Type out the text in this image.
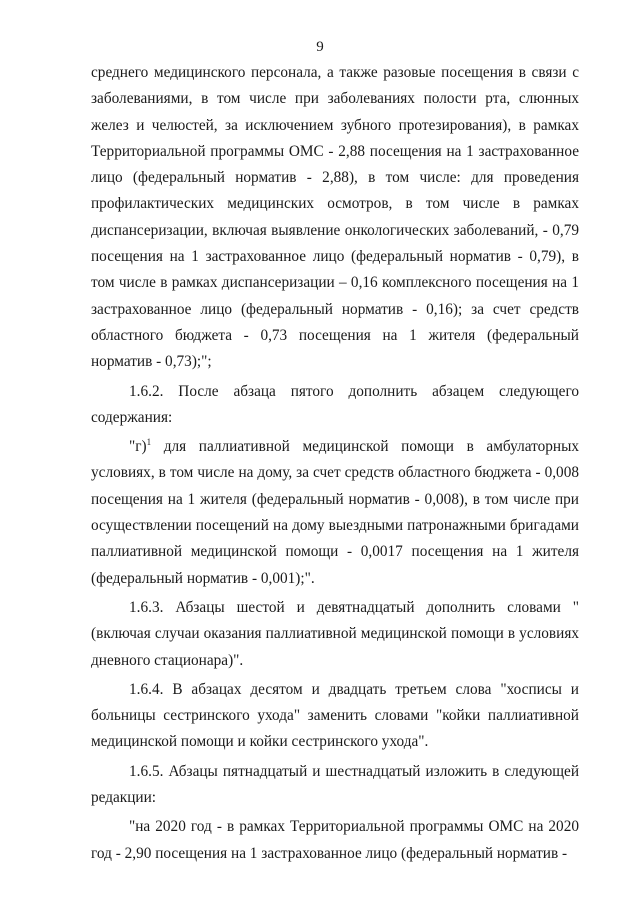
9

среднего медицинского персонала, а также разовые посещения в связи с заболеваниями, в том числе при заболеваниях полости рта, слюнных желез и челюстей, за исключением зубного протезирования), в рамках Территориальной программы ОМС - 2,88 посещения на 1 застрахованное лицо (федеральный норматив - 2,88), в том числе: для проведения профилактических медицинских осмотров, в том числе в рамках диспансеризации, включая выявление онкологических заболеваний, - 0,79 посещения на 1 застрахованное лицо (федеральный норматив - 0,79), в том числе в рамках диспансеризации – 0,16 комплексного посещения на 1 застрахованное лицо (федеральный норматив - 0,16); за счет средств областного бюджета - 0,73 посещения на 1 жителя (федеральный норматив - 0,73);";

1.6.2. После абзаца пятого дополнить абзацем следующего содержания:

"г)$^1$ для паллиативной медицинской помощи в амбулаторных условиях, в том числе на дому, за счет средств областного бюджета - 0,008 посещения на 1 жителя (федеральный норматив - 0,008), в том числе при осуществлении посещений на дому выездными патронажными бригадами паллиативной медицинской помощи - 0,0017 посещения на 1 жителя (федеральный норматив - 0,001);".

1.6.3. Абзацы шестой и девятнадцатый дополнить словами "(включая случаи оказания паллиативной медицинской помощи в условиях дневного стационара)".

1.6.4. В абзацах десятом и двадцать третьем слова "хосписы и больницы сестринского ухода" заменить словами "койки паллиативной медицинской помощи и койки сестринского ухода".

1.6.5. Абзацы пятнадцатый и шестнадцатый изложить в следующей редакции:

"на 2020 год - в рамках Территориальной программы ОМС на 2020 год - 2,90 посещения на 1 застрахованное лицо (федеральный норматив -
